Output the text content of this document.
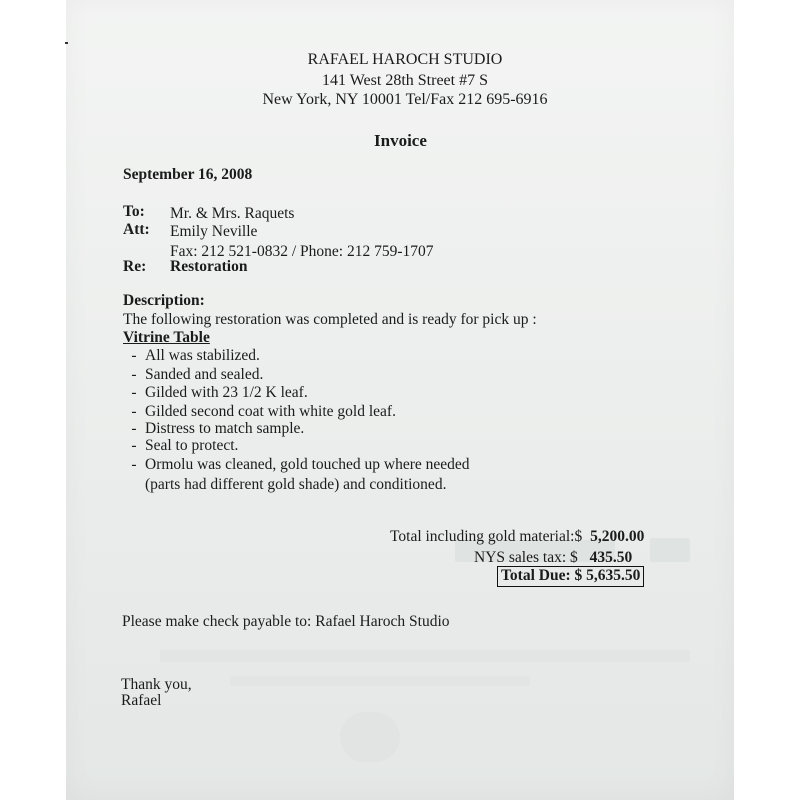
RAFAEL HAROCH STUDIO
141 West 28th Street #7 S
New York, NY 10001 Tel/Fax 212 695-6916
Invoice
September 16, 2008
To: Mr. & Mrs. Raquets
Att: Emily Neville
Fax: 212 521-0832 / Phone: 212 759-1707
Re: Restoration
Description:
The following restoration was completed and is ready for pick up :
Vitrine Table
- All was stabilized.
- Sanded and sealed.
- Gilded with 23 1/2 K leaf.
- Gilded second coat with white gold leaf.
- Distress to match sample.
- Seal to protect.
- Ormolu was cleaned, gold touched up where needed
(parts had different gold shade) and conditioned.
Total including gold material:$ 5,200.00
NYS sales tax: $ 435.50
Total Due: $ 5,635.50
Please make check payable to: Rafael Haroch Studio
Thank you,
Rafael
